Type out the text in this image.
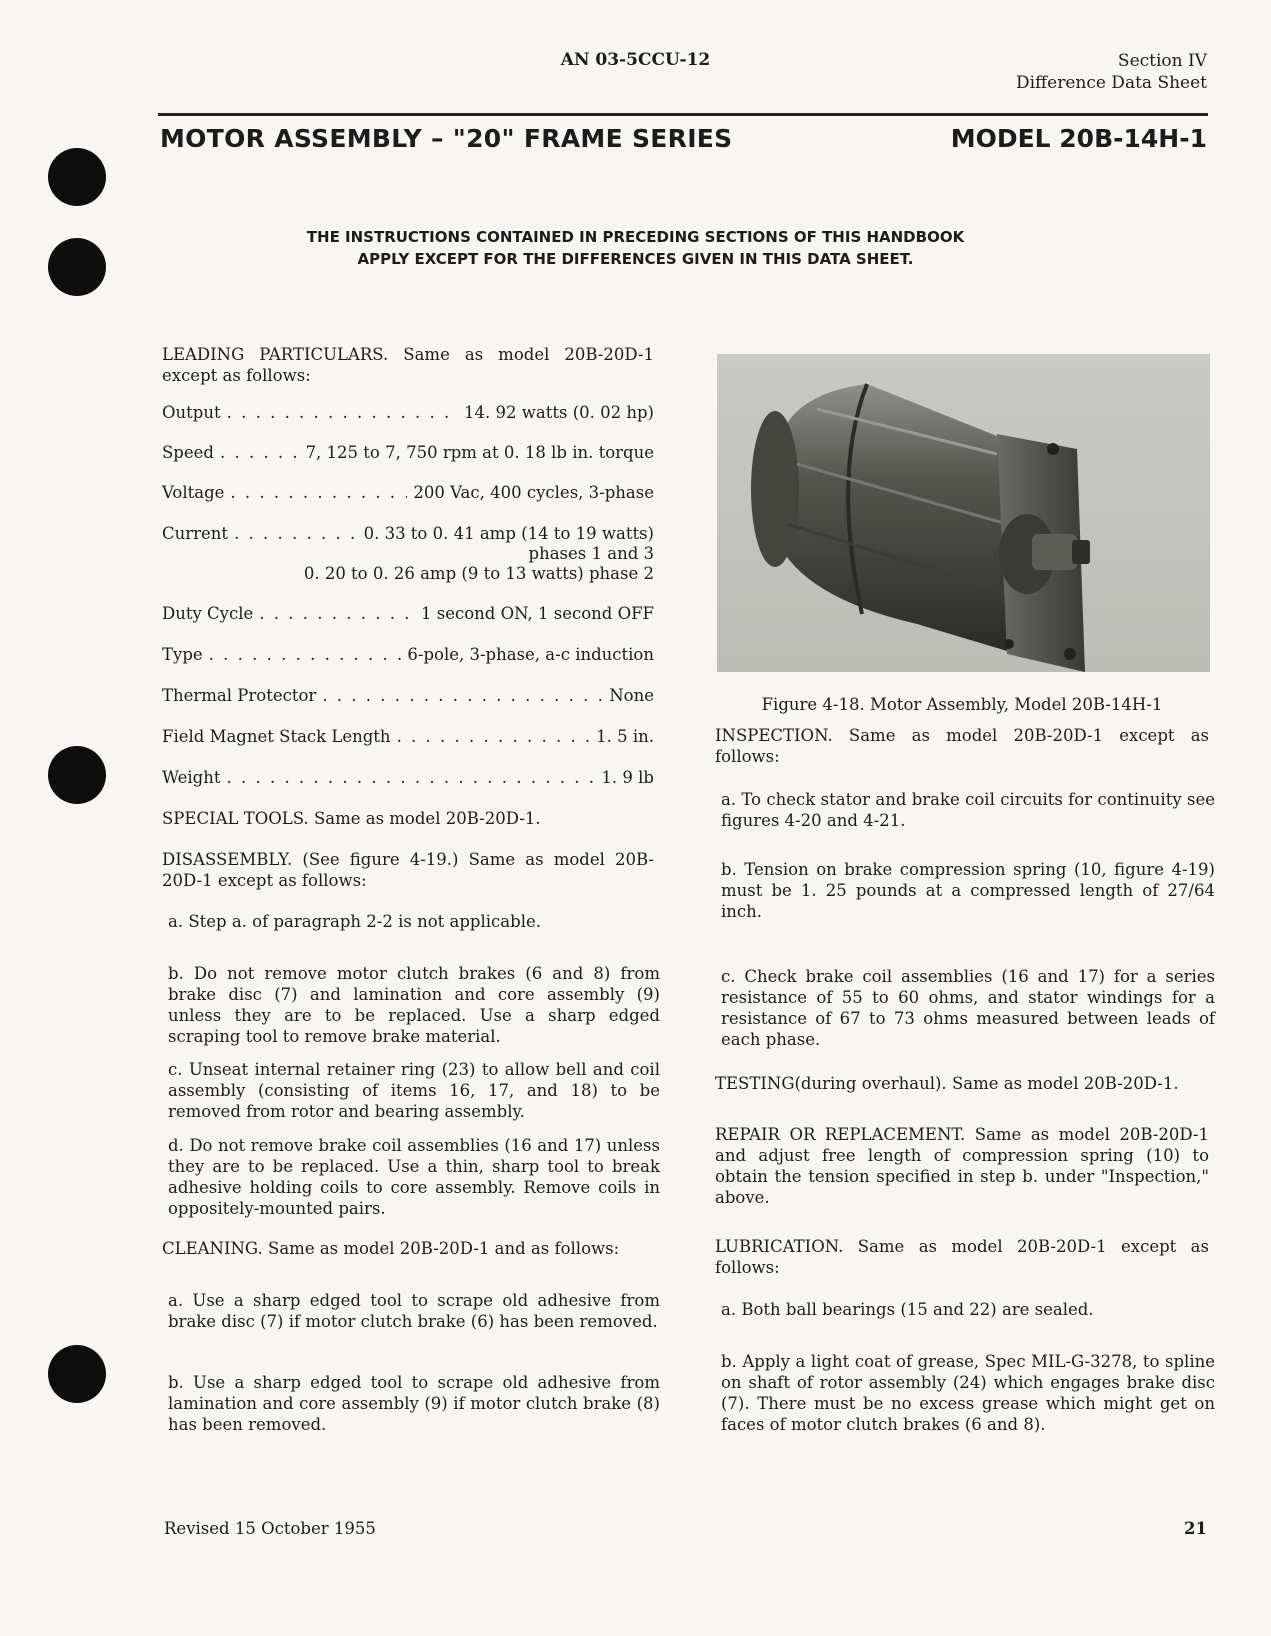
AN 03-5CCU-12	Section IV
Difference Data Sheet
MOTOR ASSEMBLY – "20" FRAME SERIES	MODEL 20B-14H-1
THE INSTRUCTIONS CONTAINED IN PRECEDING SECTIONS OF THIS HANDBOOK
APPLY EXCEPT FOR THE DIFFERENCES GIVEN IN THIS DATA SHEET.

LEADING PARTICULARS. Same as model 20B-20D-1 except as follows:

Output . . .	14. 92 watts (0. 02 hp)
Speed . . .	7, 125 to 7, 750 rpm at 0. 18 lb in. torque
Voltage . . .	200 Vac, 400 cycles, 3-phase
Current . . .	0. 33 to 0. 41 amp (14 to 19 watts)
phases 1 and 3
0. 20 to 0. 26 amp (9 to 13 watts) phase 2
Duty Cycle . . .	1 second ON, 1 second OFF
Type . . .	6-pole, 3-phase, a-c induction
Thermal Protector . . .	None
Field Magnet Stack Length . . .	1. 5 in.
Weight . . .	1. 9 lb
SPECIAL TOOLS. Same as model 20B-20D-1.

DISASSEMBLY. (See figure 4-19.) Same as model 20B-20D-1 except as follows:

a. Step a. of paragraph 2-2 is not applicable.
b. Do not remove motor clutch brakes (6 and 8) from brake disc (7) and lamination and core assembly (9) unless they are to be replaced. Use a sharp edged scraping tool to remove brake material.
c. Unseat internal retainer ring (23) to allow bell and coil assembly (consisting of items 16, 17, and 18) to be removed from rotor and bearing assembly.
d. Do not remove brake coil assemblies (16 and 17) unless they are to be replaced. Use a thin, sharp tool to break adhesive holding coils to core assembly. Remove coils in oppositely-mounted pairs.
CLEANING. Same as model 20B-20D-1 and as follows:
a. Use a sharp edged tool to scrape old adhesive from brake disc (7) if motor clutch brake (6) has been removed.
b. Use a sharp edged tool to scrape old adhesive from lamination and core assembly (9) if motor clutch brake (8) has been removed.
Figure 4-18. Motor Assembly, Model 20B-14H-1

INSPECTION. Same as model 20B-20D-1 except as follows:

a. To check stator and brake coil circuits for continuity see figures 4-20 and 4-21.
b. Tension on brake compression spring (10, figure 4-19) must be 1. 25 pounds at a compressed length of 27/64 inch.
c. Check brake coil assemblies (16 and 17) for a series resistance of 55 to 60 ohms, and stator windings for a resistance of 67 to 73 ohms measured between leads of each phase.
TESTING(during overhaul). Same as model 20B-20D-1.
REPAIR OR REPLACEMENT. Same as model 20B-20D-1 and adjust free length of compression spring (10) to obtain the tension specified in step b. under "Inspection," above.

LUBRICATION. Same as model 20B-20D-1 except as follows:

a. Both ball bearings (15 and 22) are sealed.
b. Apply a light coat of grease, Spec MIL-G-3278, to spline on shaft of rotor assembly (24) which engages brake disc (7). There must be no excess grease which might get on faces of motor clutch brakes (6 and 8).
Revised 15 October 1955	21
